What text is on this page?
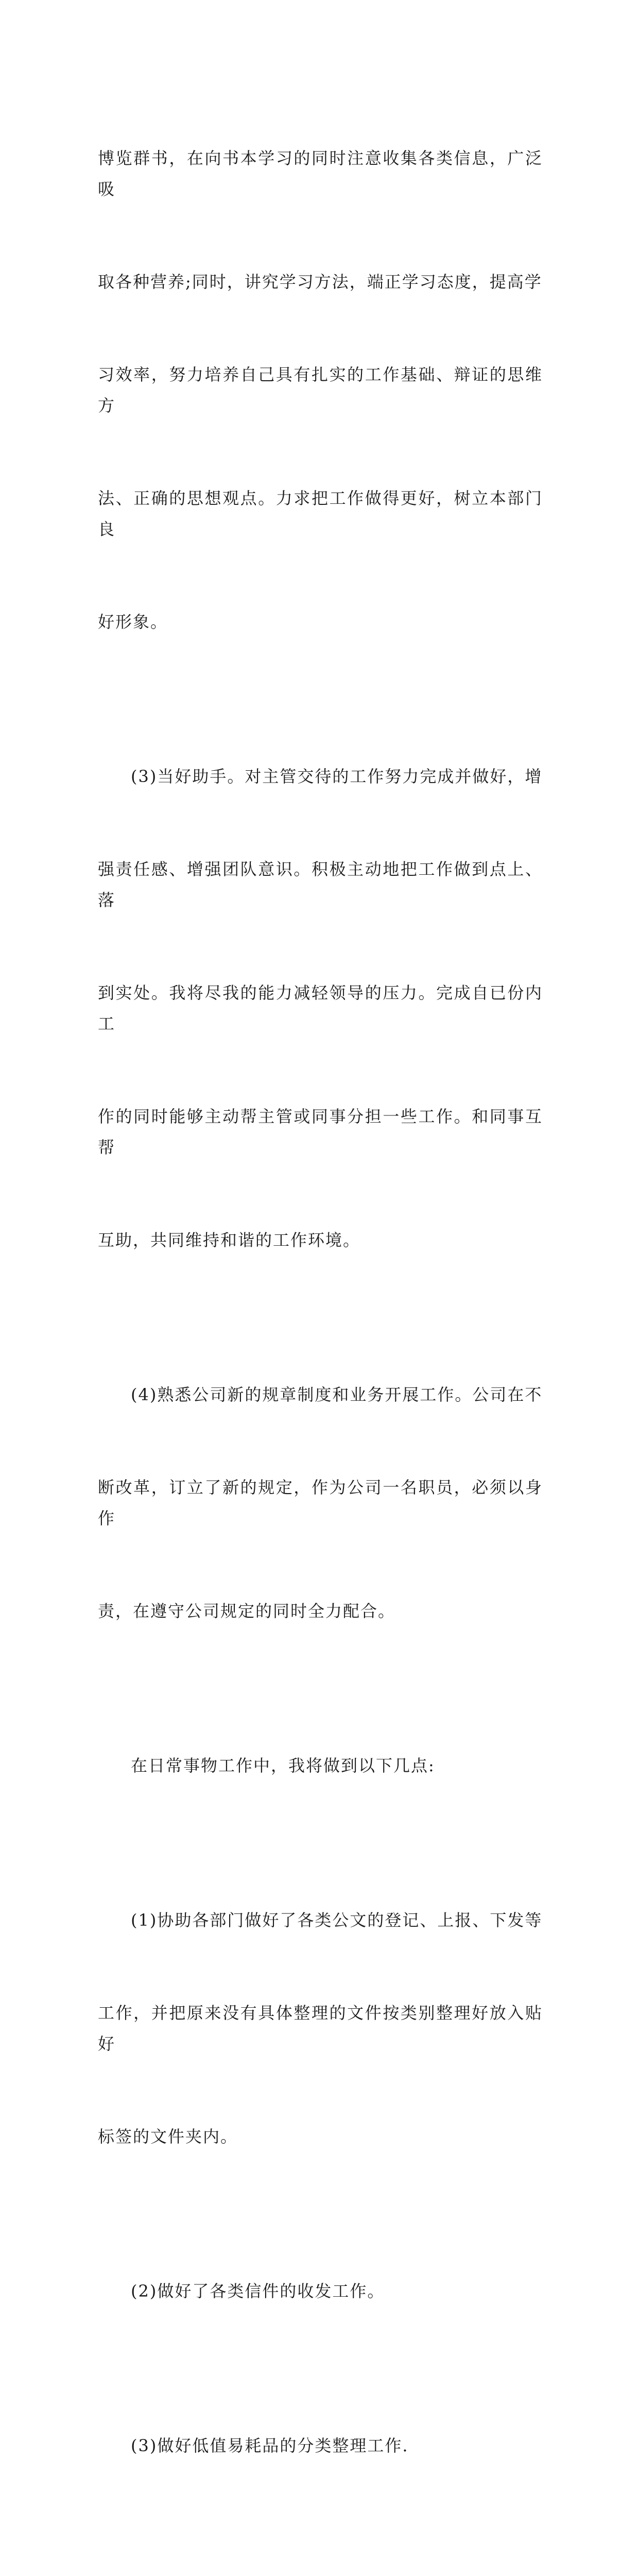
博览群书，在向书本学习的同时注意收集各类信息，广泛吸

取各种营养;同时，讲究学习方法，端正学习态度，提高学

习效率，努力培养自己具有扎实的工作基础、辩证的思维方

法、正确的思想观点。力求把工作做得更好，树立本部门良

好形象。

(3)当好助手。对主管交待的工作努力完成并做好，增

强责任感、增强团队意识。积极主动地把工作做到点上、落

到实处。我将尽我的能力减轻领导的压力。完成自已份内工

作的同时能够主动帮主管或同事分担一些工作。和同事互帮

互助，共同维持和谐的工作环境。

(4)熟悉公司新的规章制度和业务开展工作。公司在不

断改革，订立了新的规定，作为公司一名职员，必须以身作

责，在遵守公司规定的同时全力配合。

在日常事物工作中，我将做到以下几点:

(1)协助各部门做好了各类公文的登记、上报、下发等

工作，并把原来没有具体整理的文件按类别整理好放入贴好

标签的文件夹内。

(2)做好了各类信件的收发工作。

(3)做好低值易耗品的分类整理工作.
